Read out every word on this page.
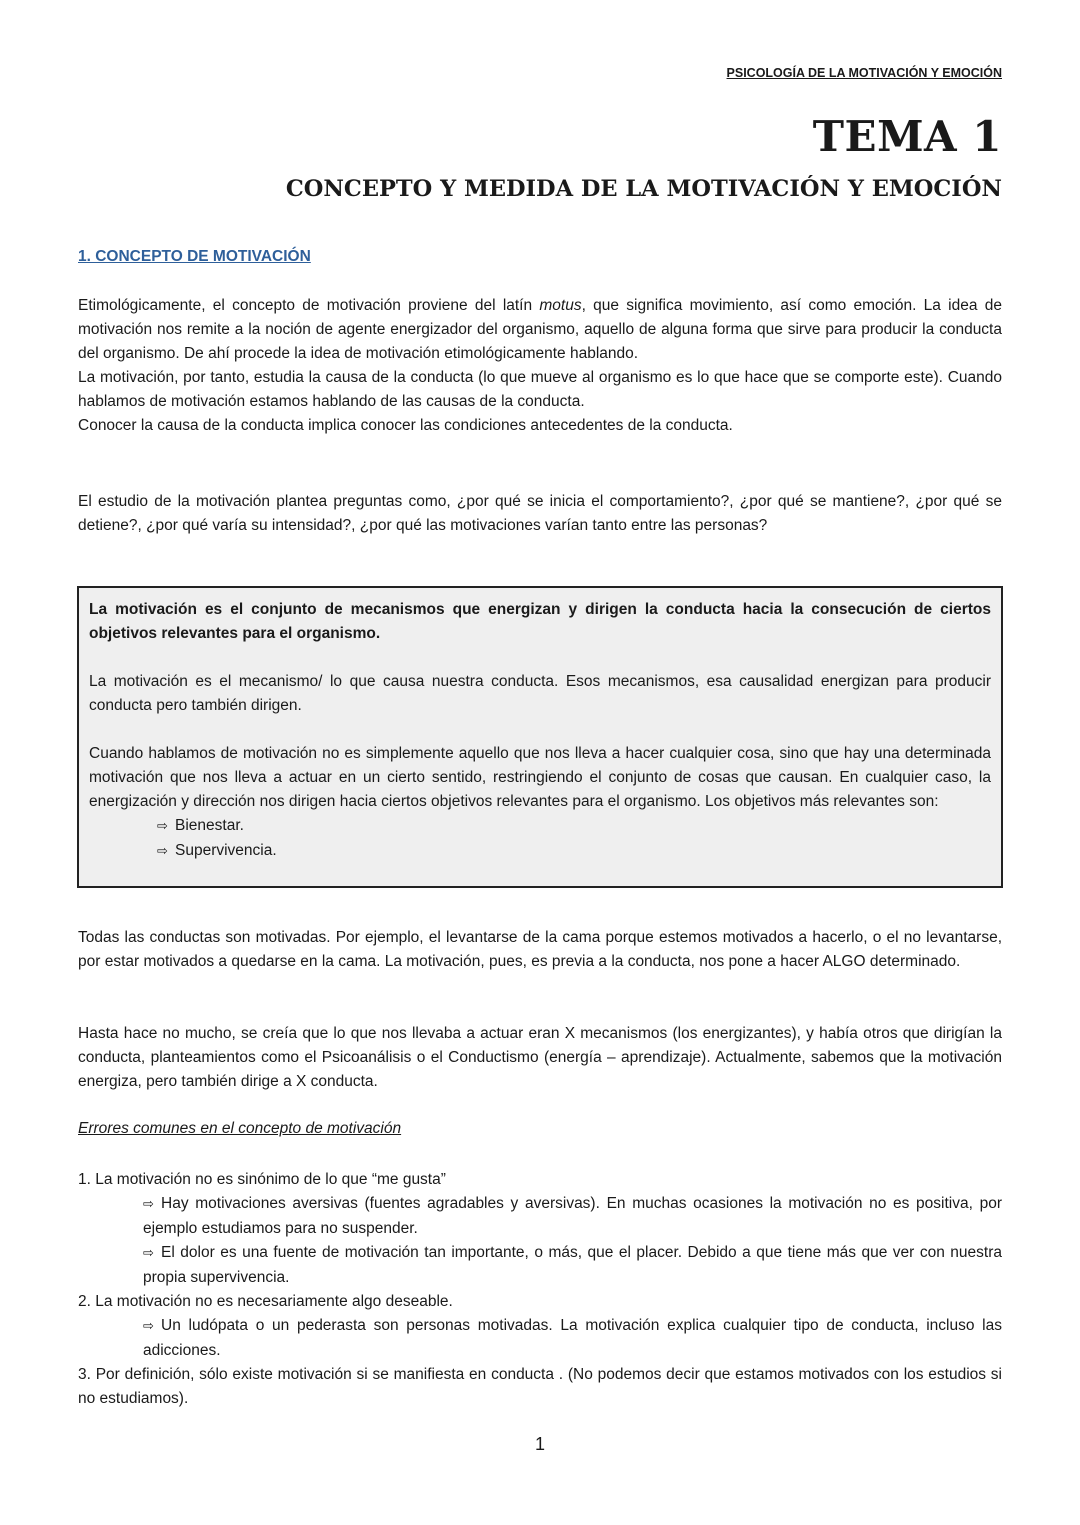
PSICOLOGÍA DE LA MOTIVACIÓN Y EMOCIÓN
TEMA 1
CONCEPTO Y MEDIDA DE LA MOTIVACIÓN Y EMOCIÓN
1. CONCEPTO DE MOTIVACIÓN

Etimológicamente, el concepto de motivación proviene del latín motus, que significa movimiento, así como emoción. La idea de motivación nos remite a la noción de agente energizador del organismo, aquello de alguna forma que sirve para producir la conducta del organismo. De ahí procede la idea de motivación etimológicamente hablando.

La motivación, por tanto, estudia la causa de la conducta (lo que mueve al organismo es lo que hace que se comporte este). Cuando hablamos de motivación estamos hablando de las causas de la conducta.

Conocer la causa de la conducta implica conocer las condiciones antecedentes de la conducta.

El estudio de la motivación plantea preguntas como, ¿por qué se inicia el comportamiento?, ¿por qué se mantiene?, ¿por qué se detiene?, ¿por qué varía su intensidad?, ¿por qué las motivaciones varían tanto entre las personas?

La motivación es el conjunto de mecanismos que energizan y dirigen la conducta hacia la consecución de ciertos objetivos relevantes para el organismo.

La motivación es el mecanismo/ lo que causa nuestra conducta. Esos mecanismos, esa causalidad energizan para producir conducta pero también dirigen.

Cuando hablamos de motivación no es simplemente aquello que nos lleva a hacer cualquier cosa, sino que hay una determinada motivación que nos lleva a actuar en un cierto sentido, restringiendo el conjunto de cosas que causan. En cualquier caso, la energización y dirección nos dirigen hacia ciertos objetivos relevantes para el organismo. Los objetivos más relevantes son:

⇨ Bienestar.
⇨ Supervivencia.

Todas las conductas son motivadas. Por ejemplo, el levantarse de la cama porque estemos motivados a hacerlo, o el no levantarse, por estar motivados a quedarse en la cama. La motivación, pues, es previa a la conducta, nos pone a hacer ALGO determinado.

Hasta hace no mucho, se creía que lo que nos llevaba a actuar eran X mecanismos (los energizantes), y había otros que dirigían la conducta, planteamientos como el Psicoanálisis o el Conductismo (energía – aprendizaje). Actualmente, sabemos que la motivación energiza, pero también dirige a X conducta.

Errores comunes en el concepto de motivación

1. La motivación no es sinónimo de lo que “me gusta”

⇨ Hay motivaciones aversivas (fuentes agradables y aversivas). En muchas ocasiones la motivación no es positiva, por ejemplo estudiamos para no suspender.

⇨ El dolor es una fuente de motivación tan importante, o más, que el placer. Debido a que tiene más que ver con nuestra propia supervivencia.

2. La motivación no es necesariamente algo deseable.

⇨ Un ludópata o un pederasta son personas motivadas. La motivación explica cualquier tipo de conducta, incluso las adicciones.

3. Por definición, sólo existe motivación si se manifiesta en conducta . (No podemos decir que estamos motivados con los estudios si no estudiamos).

1
